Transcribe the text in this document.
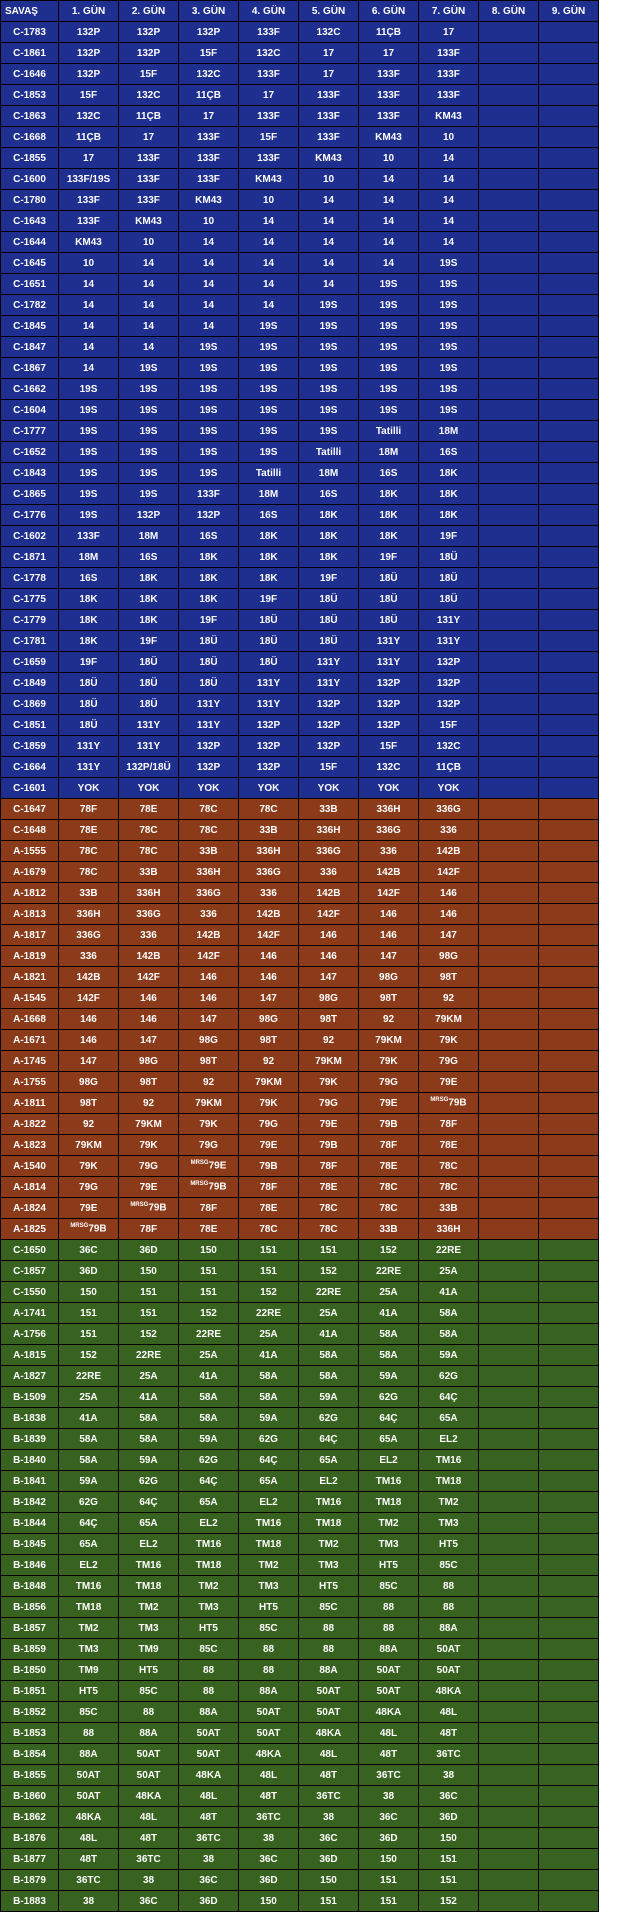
SAVAŞ	1. GÜN	2. GÜN	3. GÜN	4. GÜN	5. GÜN	6. GÜN	7. GÜN	8. GÜN	9. GÜN
C-1783	132P	132P	132P	133F	132C	11ÇB	17		
C-1861	132P	132P	15F	132C	17	17	133F		
C-1646	132P	15F	132C	133F	17	133F	133F		
C-1853	15F	132C	11ÇB	17	133F	133F	133F		
C-1863	132C	11ÇB	17	133F	133F	133F	KM43		
C-1668	11ÇB	17	133F	15F	133F	KM43	10		
C-1855	17	133F	133F	133F	KM43	10	14		
C-1600	133F/19S	133F	133F	KM43	10	14	14		
C-1780	133F	133F	KM43	10	14	14	14		
C-1643	133F	KM43	10	14	14	14	14		
C-1644	KM43	10	14	14	14	14	14		
C-1645	10	14	14	14	14	14	19S		
C-1651	14	14	14	14	14	19S	19S		
C-1782	14	14	14	14	19S	19S	19S		
C-1845	14	14	14	19S	19S	19S	19S		
C-1847	14	14	19S	19S	19S	19S	19S		
C-1867	14	19S	19S	19S	19S	19S	19S		
C-1662	19S	19S	19S	19S	19S	19S	19S		
C-1604	19S	19S	19S	19S	19S	19S	19S		
C-1777	19S	19S	19S	19S	19S	Tatilli	18M		
C-1652	19S	19S	19S	19S	Tatilli	18M	16S		
C-1843	19S	19S	19S	Tatilli	18M	16S	18K		
C-1865	19S	19S	133F	18M	16S	18K	18K		
C-1776	19S	132P	132P	16S	18K	18K	18K		
C-1602	133F	18M	16S	18K	18K	18K	19F		
C-1871	18M	16S	18K	18K	18K	19F	18Ü		
C-1778	16S	18K	18K	18K	19F	18Ü	18Ü		
C-1775	18K	18K	18K	19F	18Ü	18Ü	18Ü		
C-1779	18K	18K	19F	18Ü	18Ü	18Ü	131Y		
C-1781	18K	19F	18Ü	18Ü	18Ü	131Y	131Y		
C-1659	19F	18Ü	18Ü	18Ü	131Y	131Y	132P		
C-1849	18Ü	18Ü	18Ü	131Y	131Y	132P	132P		
C-1869	18Ü	18Ü	131Y	131Y	132P	132P	132P		
C-1851	18Ü	131Y	131Y	132P	132P	132P	15F		
C-1859	131Y	131Y	132P	132P	132P	15F	132C		
C-1664	131Y	132P/18Ü	132P	132P	15F	132C	11ÇB		
C-1601	YOK	YOK	YOK	YOK	YOK	YOK	YOK		
C-1647	78F	78E	78C	78C	33B	336H	336G		
C-1648	78E	78C	78C	33B	336H	336G	336		
A-1555	78C	78C	33B	336H	336G	336	142B		
A-1679	78C	33B	336H	336G	336	142B	142F		
A-1812	33B	336H	336G	336	142B	142F	146		
A-1813	336H	336G	336	142B	142F	146	146		
A-1817	336G	336	142B	142F	146	146	147		
A-1819	336	142B	142F	146	146	147	98G		
A-1821	142B	142F	146	146	147	98G	98T		
A-1545	142F	146	146	147	98G	98T	92		
A-1668	146	146	147	98G	98T	92	79KM		
A-1671	146	147	98G	98T	92	79KM	79K		
A-1745	147	98G	98T	92	79KM	79K	79G		
A-1755	98G	98T	92	79KM	79K	79G	79E		
A-1811	98T	92	79KM	79K	79G	79E	$^{MRSG}$79B		
A-1822	92	79KM	79K	79G	79E	79B	78F		
A-1823	79KM	79K	79G	79E	79B	78F	78E		
A-1540	79K	79G	$^{MRSG}$79E	79B	78F	78E	78C		
A-1814	79G	79E	$^{MRSG}$79B	78F	78E	78C	78C		
A-1824	79E	$^{MRSG}$79B	78F	78E	78C	78C	33B		
A-1825	$^{MRSG}$79B	78F	78E	78C	78C	33B	336H		
C-1650	36C	36D	150	151	151	152	22RE		
C-1857	36D	150	151	151	152	22RE	25A		
C-1550	150	151	151	152	22RE	25A	41A		
A-1741	151	151	152	22RE	25A	41A	58A		
A-1756	151	152	22RE	25A	41A	58A	58A		
A-1815	152	22RE	25A	41A	58A	58A	59A		
A-1827	22RE	25A	41A	58A	58A	59A	62G		
B-1509	25A	41A	58A	58A	59A	62G	64Ç		
B-1838	41A	58A	58A	59A	62G	64Ç	65A		
B-1839	58A	58A	59A	62G	64Ç	65A	EL2		
B-1840	58A	59A	62G	64Ç	65A	EL2	TM16		
B-1841	59A	62G	64Ç	65A	EL2	TM16	TM18		
B-1842	62G	64Ç	65A	EL2	TM16	TM18	TM2		
B-1844	64Ç	65A	EL2	TM16	TM18	TM2	TM3		
B-1845	65A	EL2	TM16	TM18	TM2	TM3	HT5		
B-1846	EL2	TM16	TM18	TM2	TM3	HT5	85C		
B-1848	TM16	TM18	TM2	TM3	HT5	85C	88		
B-1856	TM18	TM2	TM3	HT5	85C	88	88		
B-1857	TM2	TM3	HT5	85C	88	88	88A		
B-1859	TM3	TM9	85C	88	88	88A	50AT		
B-1850	TM9	HT5	88	88	88A	50AT	50AT		
B-1851	HT5	85C	88	88A	50AT	50AT	48KA		
B-1852	85C	88	88A	50AT	50AT	48KA	48L		
B-1853	88	88A	50AT	50AT	48KA	48L	48T		
B-1854	88A	50AT	50AT	48KA	48L	48T	36TC		
B-1855	50AT	50AT	48KA	48L	48T	36TC	38		
B-1860	50AT	48KA	48L	48T	36TC	38	36C		
B-1862	48KA	48L	48T	36TC	38	36C	36D		
B-1876	48L	48T	36TC	38	36C	36D	150		
B-1877	48T	36TC	38	36C	36D	150	151		
B-1879	36TC	38	36C	36D	150	151	151		
B-1883	38	36C	36D	150	151	151	152		
